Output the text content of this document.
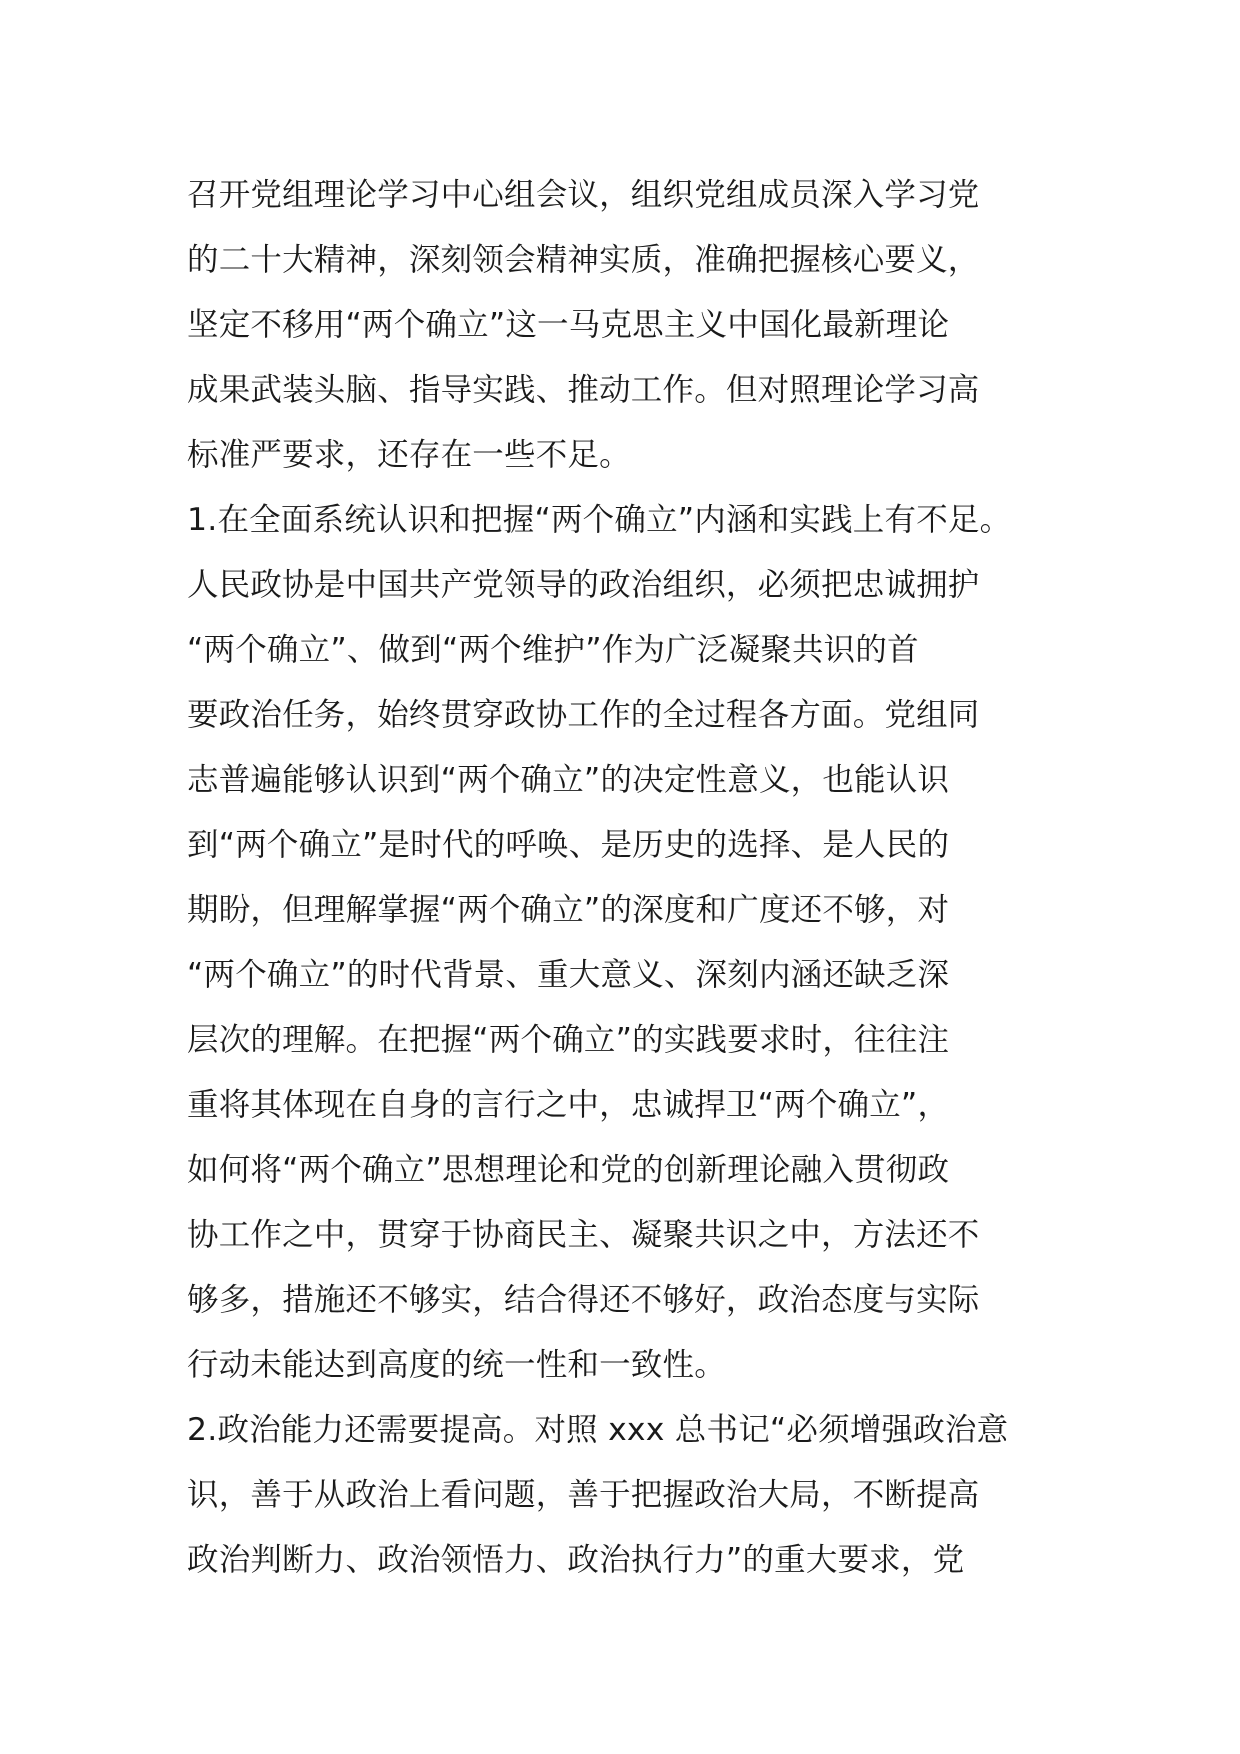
召开党组理论学习中心组会议，组织党组成员深入学习党
的二十大精神，深刻领会精神实质，准确把握核心要义，
坚定不移用“两个确立”这一马克思主义中国化最新理论
成果武装头脑、指导实践、推动工作。但对照理论学习高
标准严要求，还存在一些不足。
1.在全面系统认识和把握“两个确立”内涵和实践上有不足。
人民政协是中国共产党领导的政治组织，必须把忠诚拥护
“两个确立”、做到“两个维护”作为广泛凝聚共识的首
要政治任务，始终贯穿政协工作的全过程各方面。党组同
志普遍能够认识到“两个确立”的决定性意义，也能认识
到“两个确立”是时代的呼唤、是历史的选择、是人民的
期盼，但理解掌握“两个确立”的深度和广度还不够，对
“两个确立”的时代背景、重大意义、深刻内涵还缺乏深
层次的理解。在把握“两个确立”的实践要求时，往往注
重将其体现在自身的言行之中，忠诚捍卫“两个确立”，
如何将“两个确立”思想理论和党的创新理论融入贯彻政
协工作之中，贯穿于协商民主、凝聚共识之中，方法还不
够多，措施还不够实，结合得还不够好，政治态度与实际
行动未能达到高度的统一性和一致性。
2.政治能力还需要提高。对照 xxx 总书记“必须增强政治意
识，善于从政治上看问题，善于把握政治大局，不断提高
政治判断力、政治领悟力、政治执行力”的重大要求，党
